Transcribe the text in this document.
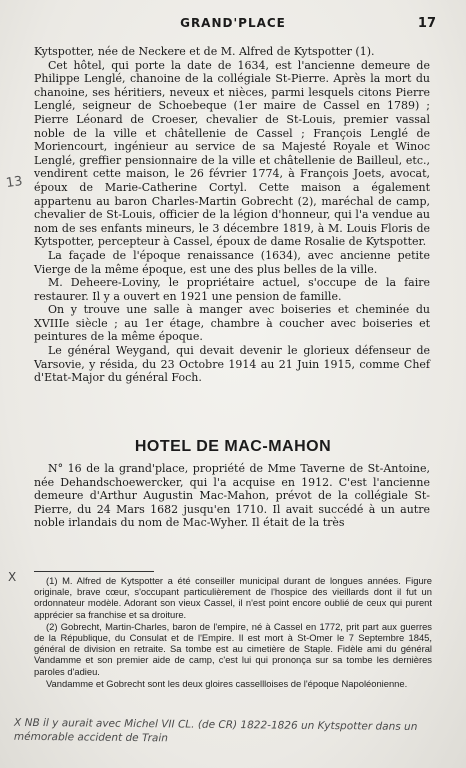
GRAND'PLACE	17
13

Kytspotter, née de Neckere et de M. Alfred de Kytspotter (1).

Cet hôtel, qui porte la date de 1634, est l'ancienne demeure de Philippe Lenglé, chanoine de la collégiale St-Pierre. Après la mort du chanoine, ses héritiers, neveux et nièces, parmi lesquels citons Pierre Lenglé, seigneur de Schoebeque (1er maire de Cassel en 1789) ; Pierre Léonard de Croeser, chevalier de St-Louis, premier vassal noble de la ville et châtellenie de Cassel ; François Lenglé de Moriencourt, ingénieur au service de sa Majesté Royale et Winoc Lenglé, greffier pensionnaire de la ville et châtellenie de Bailleul, etc., vendirent cette maison, le 26 février 1774, à François Joets, avocat, époux de Marie-Catherine Cortyl. Cette maison a également appartenu au baron Charles-Martin Gobrecht (2), maréchal de camp, chevalier de St-Louis, officier de la légion d'honneur, qui l'a vendue au nom de ses enfants mineurs, le 3 décembre 1819, à M. Louis Floris de Kytspotter, percepteur à Cassel, époux de dame Rosalie de Kytspotter.

La façade de l'époque renaissance (1634), avec ancienne petite Vierge de la même époque, est une des plus belles de la ville.

M. Deheere-Loviny, le propriétaire actuel, s'occupe de la faire restaurer. Il y a ouvert en 1921 une pension de famille.

On y trouve une salle à manger avec boiseries et cheminée du XVIIIe siècle ; au 1er étage, chambre à coucher avec boiseries et peintures de la même époque.

Le général Weygand, qui devait devenir le glorieux défenseur de Varsovie, y résida, du 23 Octobre 1914 au 21 Juin 1915, comme Chef d'Etat-Major du général Foch.

HOTEL DE MAC-MAHON

N° 16 de la grand'place, propriété de Mme Taverne de St-Antoine, née Dehandschoewercker, qui l'a acquise en 1912. C'est l'ancienne demeure d'Arthur Augustin Mac-Mahon, prévot de la collégiale St-Pierre, du 24 Mars 1682 jusqu'en 1710. Il avait succédé à un autre noble irlandais du nom de Mac-Wyher. Il était de la très

X	(1) M. Alfred de Kytspotter a été conseiller municipal durant de longues années. Figure originale, brave cœur, s'occupant particulièrement de l'hospice des vieillards dont il fut un ordonnateur modèle. Adorant son vieux Cassel, il n'est point encore oublié de ceux qui purent apprécier sa franchise et sa droiture.

(2) Gobrecht, Martin-Charles, baron de l'empire, né à Cassel en 1772, prit part aux guerres de la République, du Consulat et de l'Empire. Il est mort à St-Omer le 7 Septembre 1845, général de division en retraite. Sa tombe est au cimetière de Staple. Fidèle ami du général Vandamme et son premier aide de camp, c'est lui qui prononça sur sa tombe les dernières paroles d'adieu.

Vandamme et Gobrecht sont les deux gloires cassellloises de l'époque Napoléonienne.

X NB il y aurait avec Michel VII CL. (de CR) 1822-1826 un Kytspotter dans un mémorable accident de Train
